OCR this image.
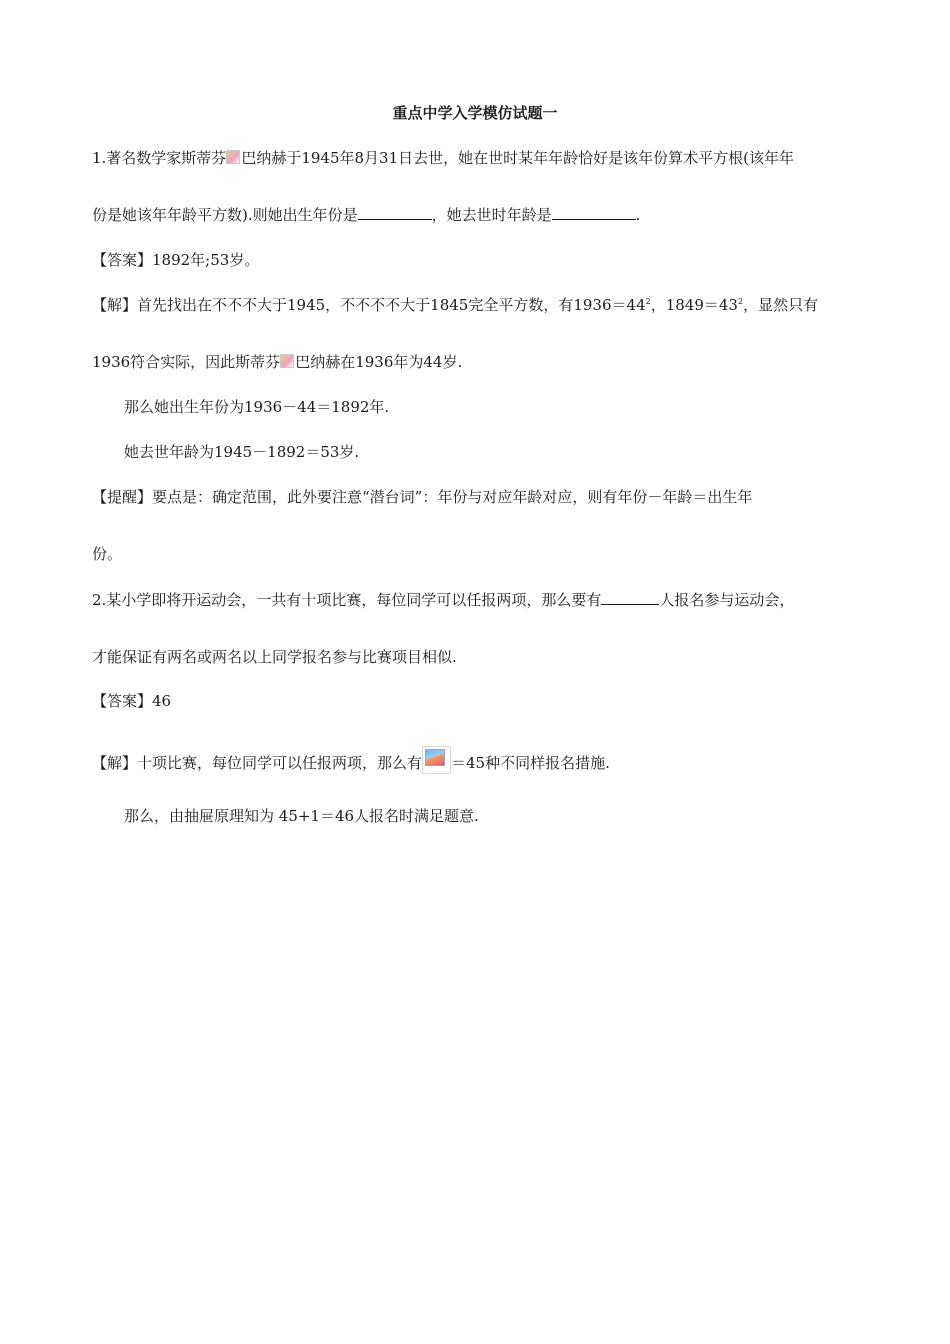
重点中学入学模仿试题一
1.著名数学家斯蒂芬 巴纳赫于1945年8月31日去世，她在世时某年年龄恰好是该年份算术平方根(该年年
份是她该年年龄平方数).则她出生年份是	，她去世时年龄是	.
【答案】1892年;53岁。
【解】首先找出在不不不大于1945，不不不不大于1845完全平方数，有$1936=44^2$，$1849=43^2$，显然只有
1936符合实际，因此斯蒂芬 巴纳赫在1936年为44岁.
那么她出生年份为1936－44＝1892年.
她去世年龄为1945－1892＝53岁.
【提醒】要点是：确定范围，此外要注意“潜台词”：年份与对应年龄对应，则有年份－年龄＝出生年
份。
2.某小学即将开运动会，一共有十项比赛，每位同学可以任报两项，那么要有	人报名参与运动会，
才能保证有两名或两名以上同学报名参与比赛项目相似.
【答案】46
【解】十项比赛，每位同学可以任报两项，那么有 ＝45种不同样报名措施.
那么，由抽屉原理知为 45+1＝46人报名时满足题意.
